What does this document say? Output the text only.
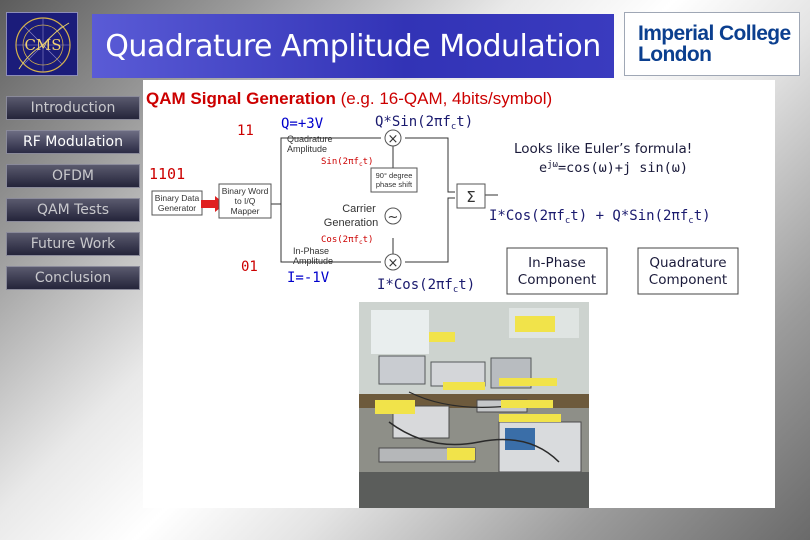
CMS Quadrature Amplitude Modulation Imperial College
London
Introduction
RF Modulation
OFDM
QAM Tests
Future Work
Conclusion
QAM Signal Generation (e.g. 16-QAM, 4bits/symbol)
Binary Data
Generator
Binary Word
to I/Q
Mapper
Quadrature
Amplitude
In-Phase
Amplitude
×
×
90° degree
phase shift
~
Carrier
Generation
$Sin(2\pi f_ct)$
$Cos(2\pi f_ct)$
Σ
11
1101
01
Q=+3V
I=-1V
$Q*Sin(2\pi f_ct)$
$I*Cos(2\pi f_ct)$
$I*Cos(2\pi f_ct) + Q*Sin(2\pi f_ct)$
Looks like Euler’s formula!
$e^{j\omega}=\cos(\omega)+j$ sin(ω)
In-Phase
Component
Quadrature
Component
